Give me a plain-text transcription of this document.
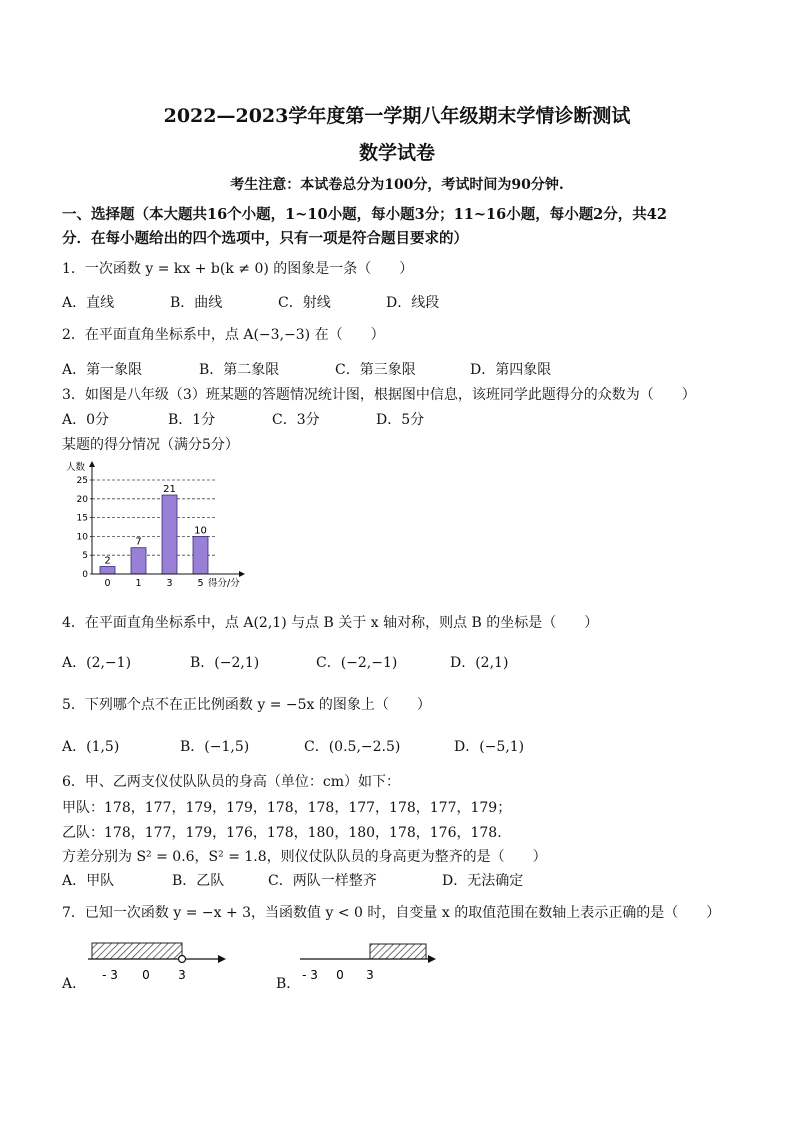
2022—2023学年度第一学期八年级期末学情诊断测试
数学试卷
考生注意：本试卷总分为100分，考试时间为90分钟.
一、选择题（本大题共16个小题，1~10小题，每小题3分；11~16小题，每小题2分，共42
分．在每小题给出的四个选项中，只有一项是符合题目要求的）
1．一次函数 y = kx + b(k ≠ 0) 的图象是一条（　　）
A．直线	B．曲线	C．射线	D．线段
2．在平面直角坐标系中，点 A(−3,−3) 在（　　）
A．第一象限	B．第二象限	C．第三象限	D．第四象限
3．如图是八年级（3）班某题的答题情况统计图，根据图中信息，该班同学此题得分的众数为（　　）
A．0分	B．1分	C．3分	D．5分
某题的得分情况（满分5分）
0
5
10
15
20
25
人数
得分/分
2
0
7
1
21
3
10
5
4．在平面直角坐标系中，点 A(2,1) 与点 B 关于 x 轴对称，则点 B 的坐标是（　　）
A．(2,−1)	B．(−2,1)	C．(−2,−1)	D．(2,1)
5．下列哪个点不在正比例函数 y = −5x 的图象上（　　）
A．(1,5)	B．(−1,5)	C．(0.5,−2.5)	D．(−5,1)
6．甲、乙两支仪仗队队员的身高（单位：cm）如下：
甲队：178，177，179，179，178，178，177，178，177，179；
乙队：178，177，179，176，178，180，180，178，176，178.
方差分别为 S² = 0.6，S² = 1.8，则仪仗队队员的身高更为整齐的是（　　）
A．甲队	B．乙队	C．两队一样整齐	D．无法确定
7．已知一次函数 y = −x + 3，当函数值 y < 0 时，自变量 x 的取值范围在数轴上表示正确的是（　　）
A．	B．
- 3 0 3	- 3 0 3
